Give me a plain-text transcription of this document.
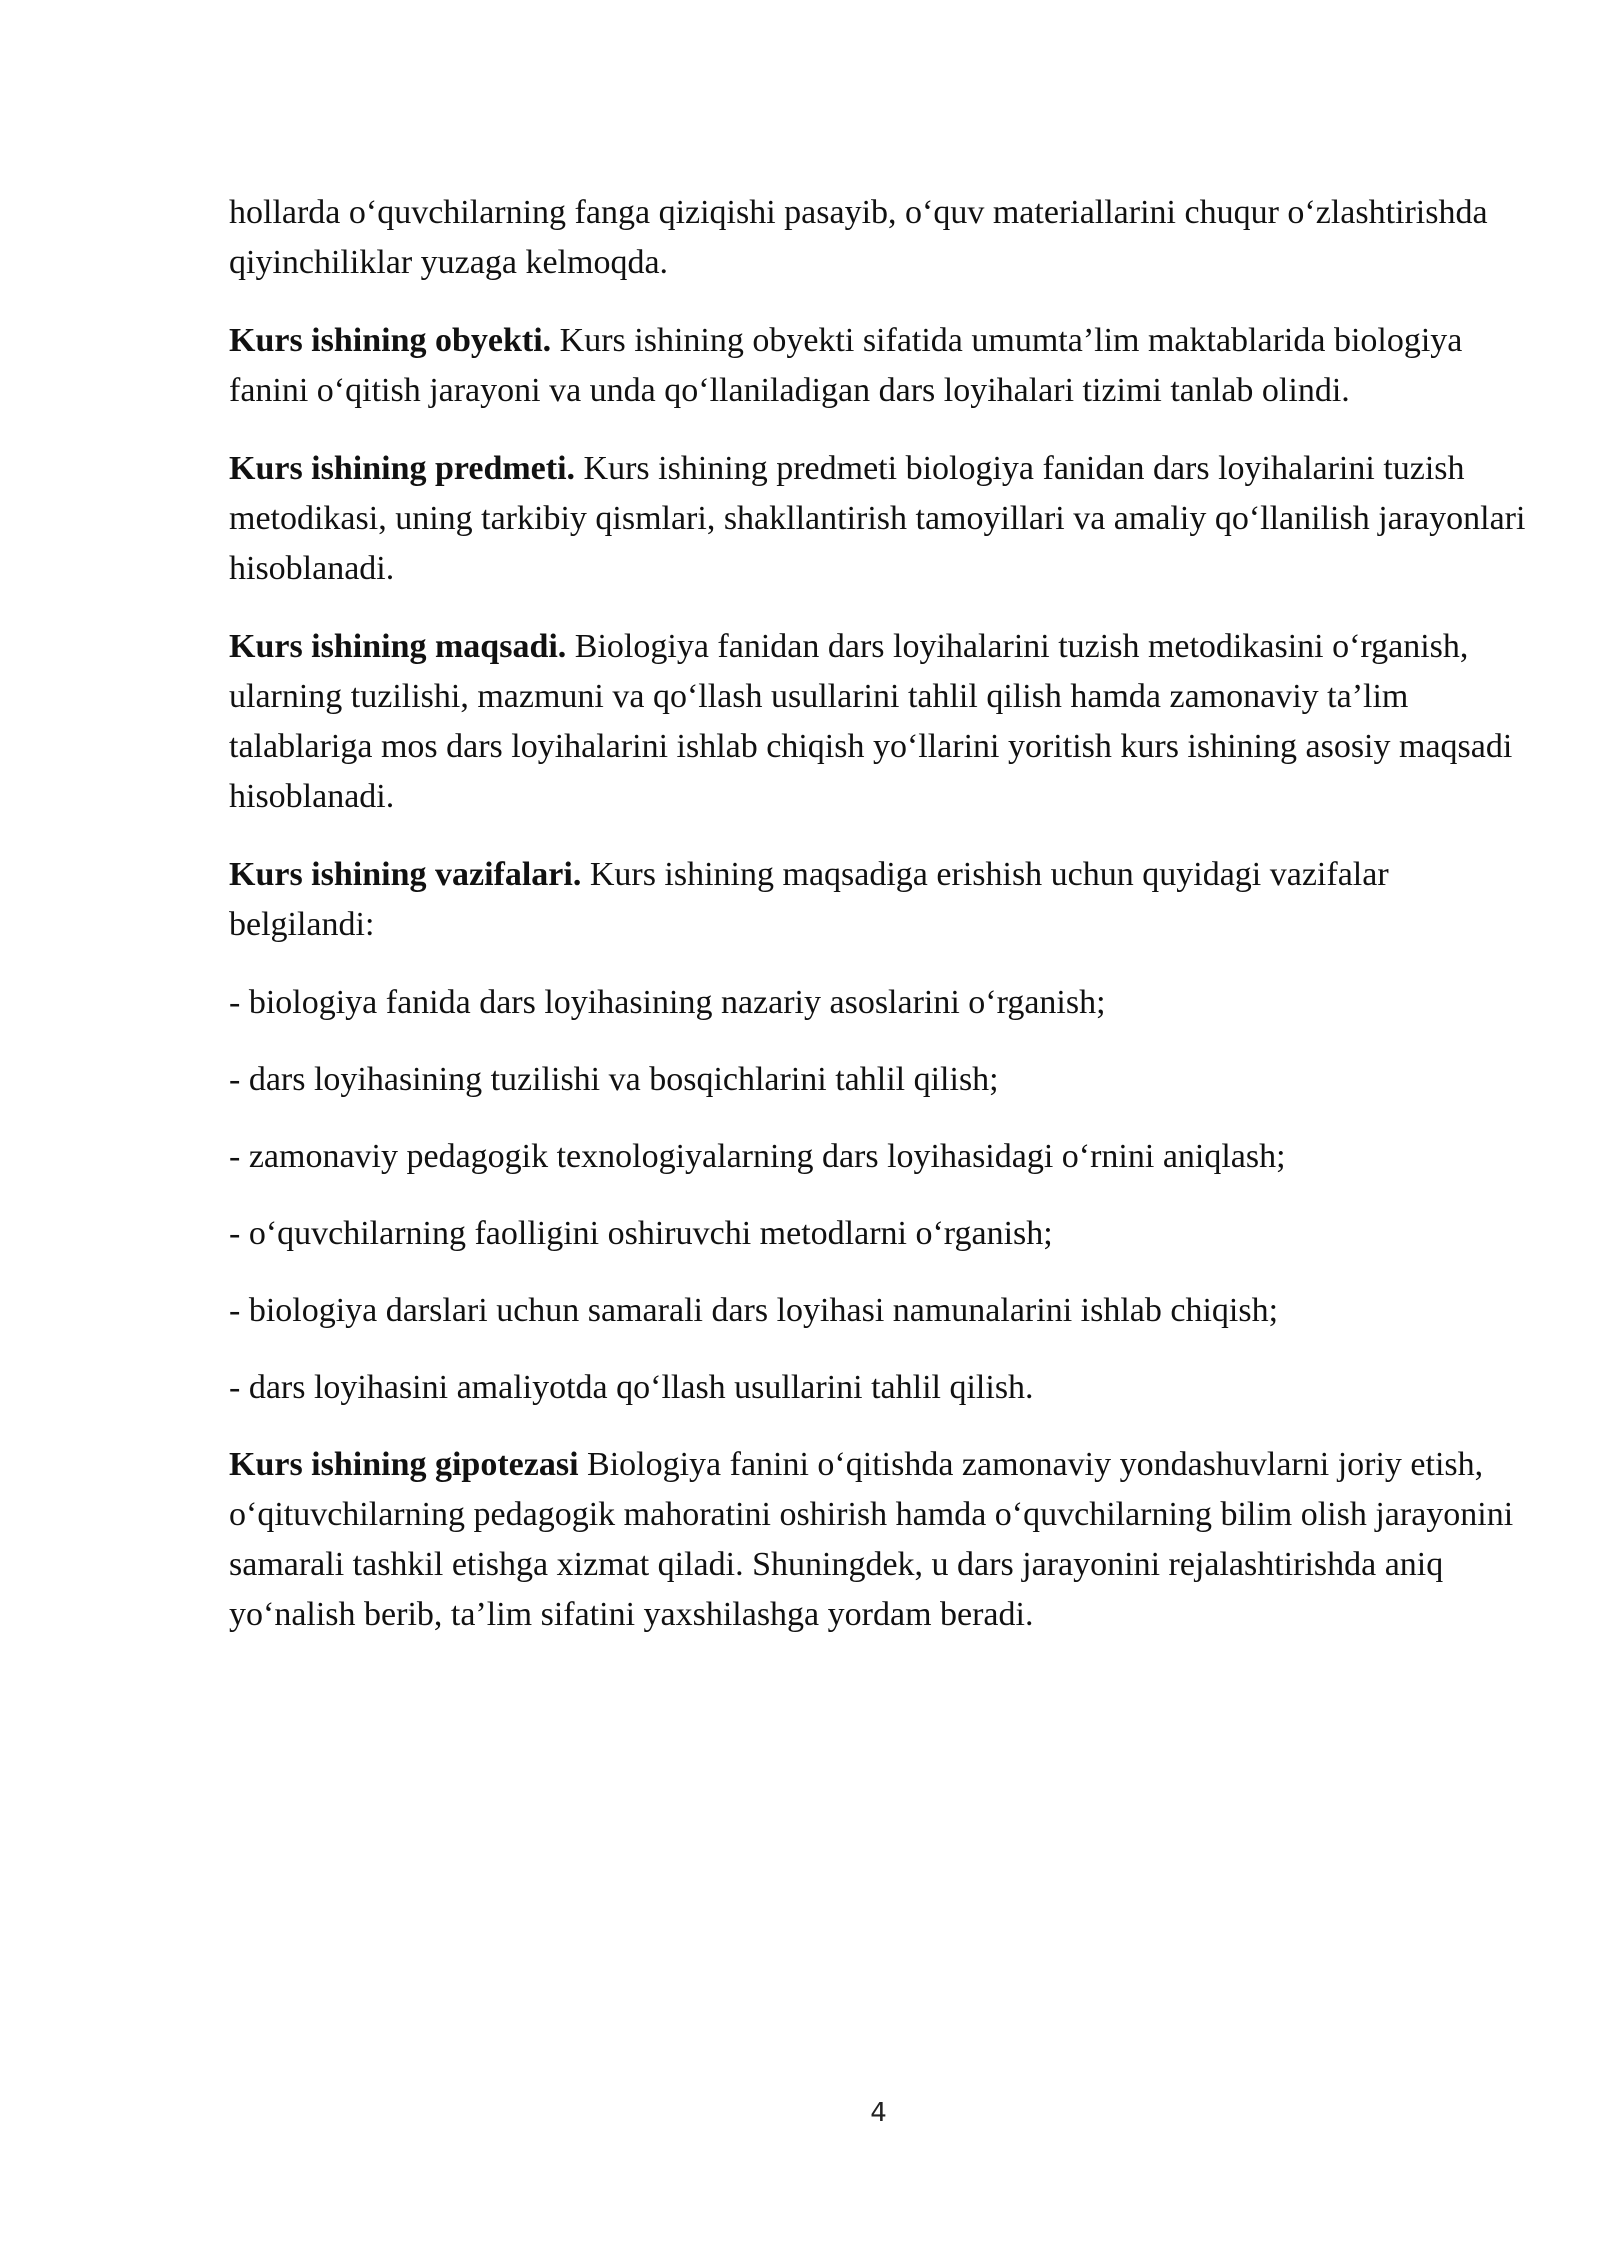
hollarda o‘quvchilarning fanga qiziqishi pasayib, o‘quv materiallarini chuqur o‘zlashtirishda qiyinchiliklar yuzaga kelmoqda.

Kurs ishining obyekti. Kurs ishining obyekti sifatida umumta’lim maktablarida biologiya fanini o‘qitish jarayoni va unda qo‘llaniladigan dars loyihalari tizimi tanlab olindi.

Kurs ishining predmeti. Kurs ishining predmeti biologiya fanidan dars loyihalarini tuzish metodikasi, uning tarkibiy qismlari, shakllantirish tamoyillari va amaliy qo‘llanilish jarayonlari hisoblanadi.

Kurs ishining maqsadi. Biologiya fanidan dars loyihalarini tuzish metodikasini o‘rganish, ularning tuzilishi, mazmuni va qo‘llash usullarini tahlil qilish hamda zamonaviy ta’lim talablariga mos dars loyihalarini ishlab chiqish yo‘llarini yoritish kurs ishining asosiy maqsadi hisoblanadi.

Kurs ishining vazifalari. Kurs ishining maqsadiga erishish uchun quyidagi vazifalar belgilandi:

- biologiya fanida dars loyihasining nazariy asoslarini o‘rganish;

- dars loyihasining tuzilishi va bosqichlarini tahlil qilish;

- zamonaviy pedagogik texnologiyalarning dars loyihasidagi o‘rnini aniqlash;

- o‘quvchilarning faolligini oshiruvchi metodlarni o‘rganish;

- biologiya darslari uchun samarali dars loyihasi namunalarini ishlab chiqish;

- dars loyihasini amaliyotda qo‘llash usullarini tahlil qilish.

Kurs ishining gipotezasi Biologiya fanini o‘qitishda zamonaviy yondashuvlarni joriy etish, o‘qituvchilarning pedagogik mahoratini oshirish hamda o‘quvchilarning bilim olish jarayonini samarali tashkil etishga xizmat qiladi. Shuningdek, u dars jarayonini rejalashtirishda aniq yo‘nalish berib, ta’lim sifatini yaxshilashga yordam beradi.

4
